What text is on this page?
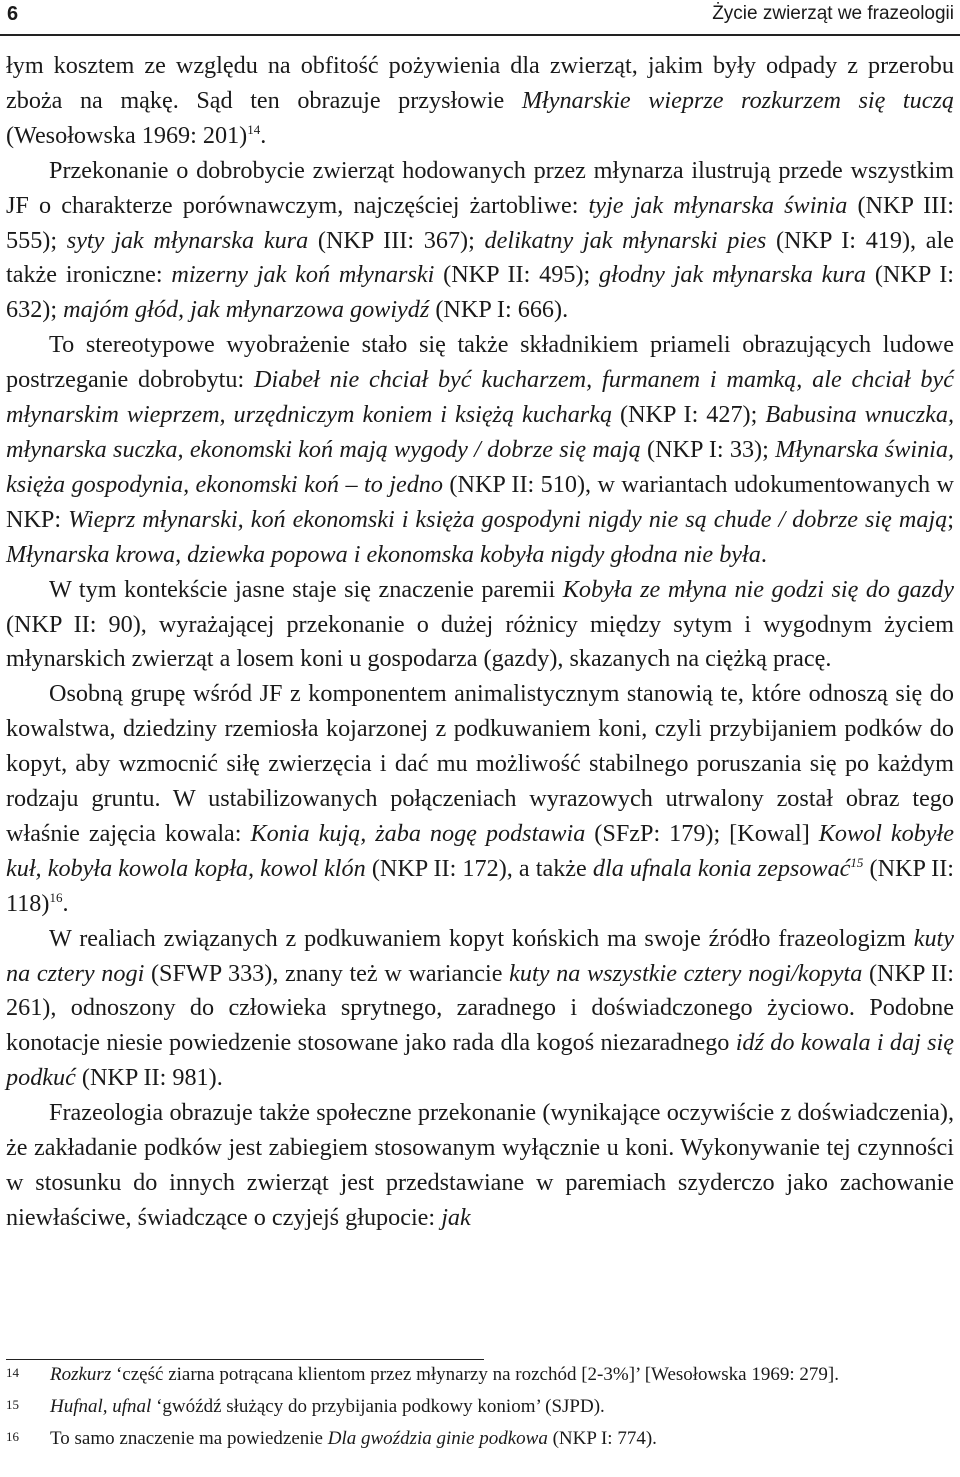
6	Życie zwierząt we frazeologii

łym kosztem ze względu na obfitość pożywienia dla zwierząt, jakim były odpady z przerobu zboża na mąkę. Sąd ten obrazuje przysłowie Młynarskie wieprze rozkurzem się tuczą (Wesołowska 1969: 201)$^{14}$.

Przekonanie o dobrobycie zwierząt hodowanych przez młynarza ilustrują przede wszystkim JF o charakterze porównawczym, najczęściej żartobliwe: tyje jak młynarska świnia (NKP III: 555); syty jak młynarska kura (NKP III: 367); delikatny jak młynarski pies (NKP I: 419), ale także ironiczne: mizerny jak koń młynarski (NKP II: 495); głodny jak młynarska kura (NKP I: 632); majóm głód, jak młynarzowa gowiydź (NKP I: 666).

To stereotypowe wyobrażenie stało się także składnikiem priameli obrazujących ludowe postrzeganie dobrobytu: Diabeł nie chciał być kucharzem, furmanem i mamką, ale chciał być młynarskim wieprzem, urzędniczym koniem i księżą kucharką (NKP I: 427); Babusina wnuczka, młynarska suczka, ekonomski koń mają wygody / dobrze się mają (NKP I: 33); Młynarska świnia, księża gospodynia, ekonomski koń – to jedno (NKP II: 510), w wariantach udokumentowanych w NKP: Wieprz młynarski, koń ekonomski i księża gospodyni nigdy nie są chude / dobrze się mają; Młynarska krowa, dziewka popowa i ekonomska kobyła nigdy głodna nie była.

W tym kontekście jasne staje się znaczenie paremii Kobyła ze młyna nie godzi się do gazdy (NKP II: 90), wyrażającej przekonanie o dużej różnicy między sytym i wygodnym życiem młynarskich zwierząt a losem koni u gospodarza (gazdy), skazanych na ciężką pracę.

Osobną grupę wśród JF z komponentem animalistycznym stanowią te, które odnoszą się do kowalstwa, dziedziny rzemiosła kojarzonej z podkuwaniem koni, czyli przybijaniem podków do kopyt, aby wzmocnić siłę zwierzęcia i dać mu możliwość stabilnego poruszania się po każdym rodzaju gruntu. W ustabilizowanych połączeniach wyrazowych utrwalony został obraz tego właśnie zajęcia kowala: Konia kują, żaba nogę podstawia (SFzP: 179); [Kowal] Kowol kobyłe kuł, kobyła kowola kopła, kowol klón (NKP II: 172), a także dla ufnala konia zepsować$^{15}$ (NKP II: 118)$^{16}$.

W realiach związanych z podkuwaniem kopyt końskich ma swoje źródło frazeologizm kuty na cztery nogi (SFWP 333), znany też w wariancie kuty na wszystkie cztery nogi/kopyta (NKP II: 261), odnoszony do człowieka sprytnego, zaradnego i doświadczonego życiowo. Podobne konotacje niesie powiedzenie stosowane jako rada dla kogoś niezaradnego idź do kowala i daj się podkuć (NKP II: 981).

Frazeologia obrazuje także społeczne przekonanie (wynikające oczywiście z doświadczenia), że zakładanie podków jest zabiegiem stosowanym wyłącznie u koni. Wykonywanie tej czynności w stosunku do innych zwierząt jest przedstawiane w paremiach szyderczo jako zachowanie niewłaściwe, świadczące o czyjejś głupocie: jak

14 Rozkurz ‘część ziarna potrącana klientom przez młynarzy na rozchód [2-3%]’ [Wesołowska 1969: 279].
15 Hufnal, ufnal ‘gwóźdź służący do przybijania podkowy koniom’ (SJPD).
16 To samo znaczenie ma powiedzenie Dla gwoździa ginie podkowa (NKP I: 774).
